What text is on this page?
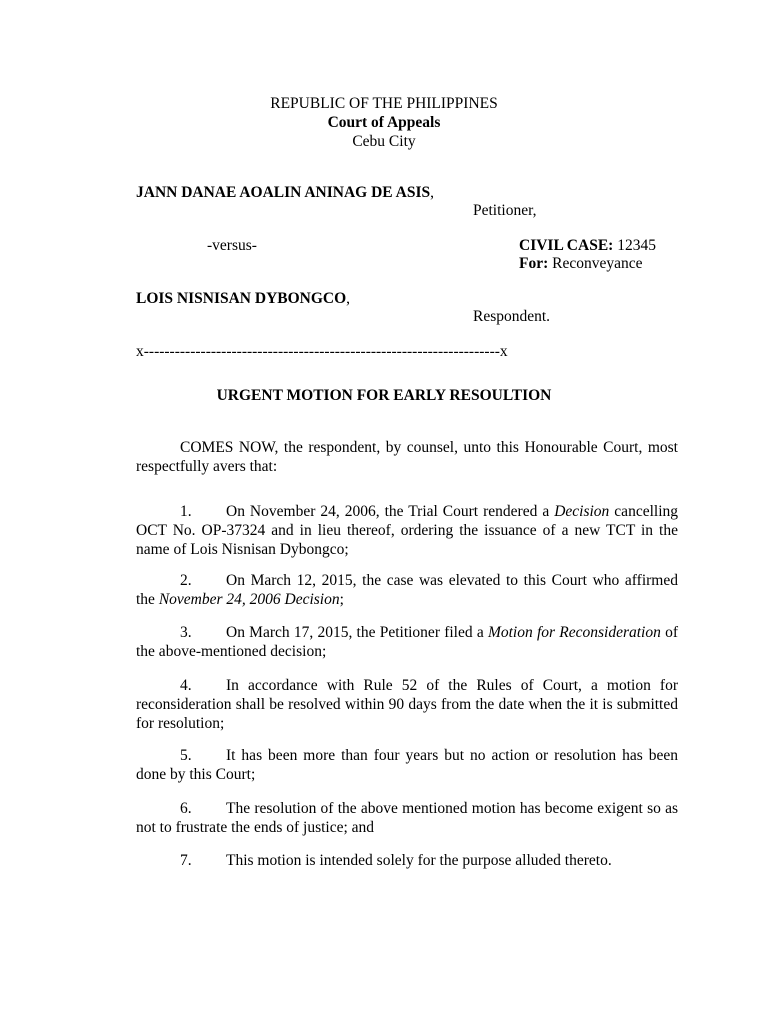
REPUBLIC OF THE PHILIPPINES
Court of Appeals
Cebu City
JANN DANAE AOALIN ANINAG DE ASIS,
Petitioner,
-versus-	CIVIL CASE: 12345
For: Reconveyance
LOIS NISNISAN DYBONGCO,
Respondent.
x---------------------------------------------------------------------x
URGENT MOTION FOR EARLY RESOULTION
COMES NOW, the respondent, by counsel, unto this Honourable Court, most respectfully avers that:
1. On November 24, 2006, the Trial Court rendered a Decision cancelling OCT No. OP-37324 and in lieu thereof, ordering the issuance of a new TCT in the name of Lois Nisnisan Dybongco;
2. On March 12, 2015, the case was elevated to this Court who affirmed the November 24, 2006 Decision;
3. On March 17, 2015, the Petitioner filed a Motion for Reconsideration of the above-mentioned decision;
4. In accordance with Rule 52 of the Rules of Court, a motion for reconsideration shall be resolved within 90 days from the date when the it is submitted for resolution;
5. It has been more than four years but no action or resolution has been done by this Court;
6. The resolution of the above mentioned motion has become exigent so as not to frustrate the ends of justice; and
7. This motion is intended solely for the purpose alluded thereto.
